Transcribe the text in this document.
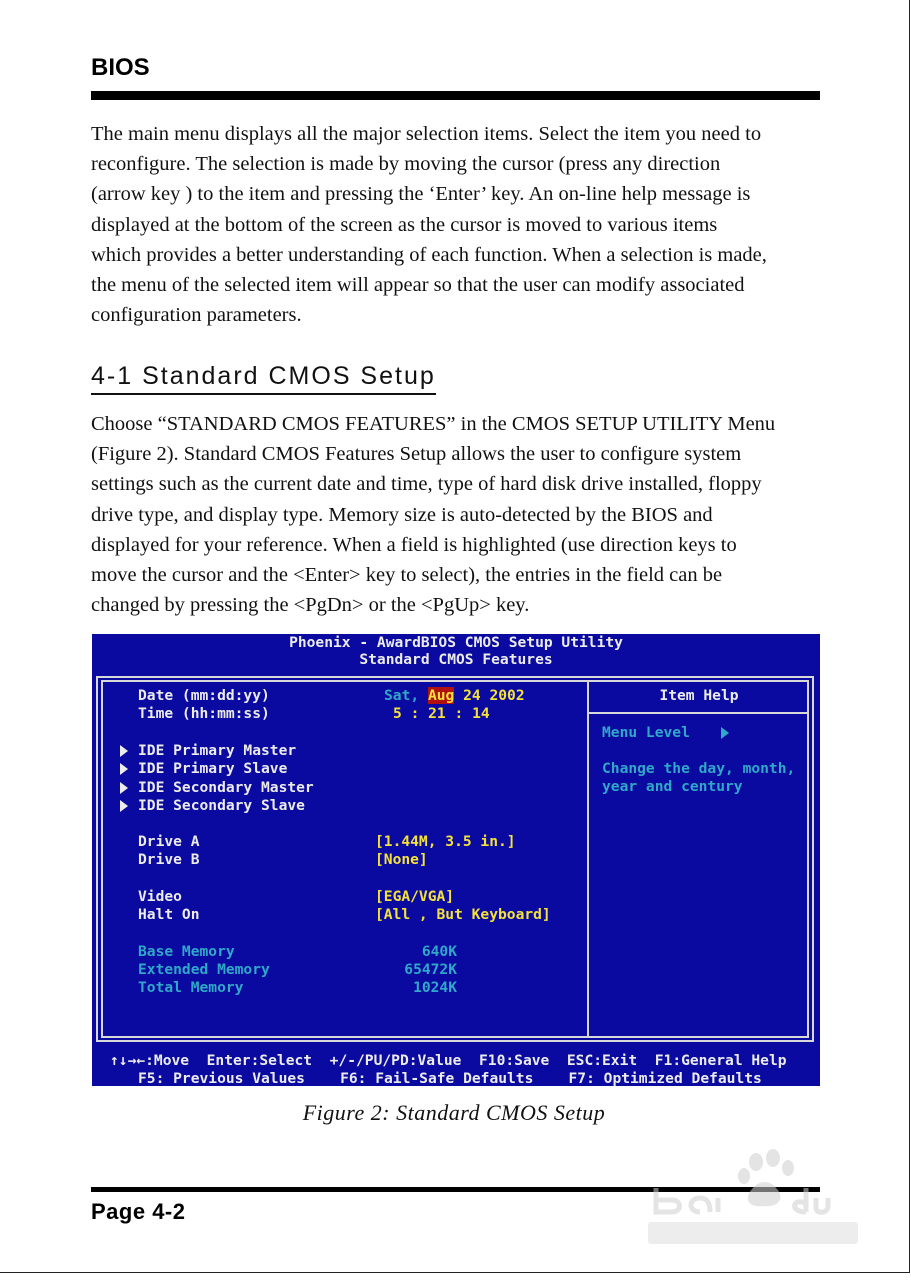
BIOS
The main menu displays all the major selection items. Select the item you need to
reconfigure. The selection is made by moving the cursor (press any direction
(arrow key ) to the item and pressing the ‘Enter’ key. An on-line help message is
displayed at the bottom of the screen as the cursor is moved to various items
which provides a better understanding of each function. When a selection is made,
the menu of the selected item will appear so that the user can modify associated
configuration parameters.
4-1 Standard CMOS Setup
Choose “STANDARD CMOS FEATURES” in the CMOS SETUP UTILITY Menu
(Figure 2). Standard CMOS Features Setup allows the user to configure system
settings such as the current date and time, type of hard disk drive installed, floppy
drive type, and display type. Memory size is auto-detected by the BIOS and
displayed for your reference. When a field is highlighted (use direction keys to
move the cursor and the <Enter> key to select), the entries in the field can be
changed by pressing the <PgDn> or the <PgUp> key.
Phoenix - AwardBIOS CMOS Setup Utility
Standard CMOS Features
Date (mm:dd:yy)	Sat, Aug 24 2002
Time (hh:mm:ss)	5 : 21 : 14
IDE Primary Master
IDE Primary Slave
IDE Secondary Master
IDE Secondary Slave
Drive A	[1.44M, 3.5 in.]
Drive B	[None]
Video	[EGA/VGA]
Halt On	[All , But Keyboard]
Base Memory	640K
Extended Memory	65472K
Total Memory	1024K
Item Help
Menu Level
Change the day, month,
year and century
↑↓→←:Move  Enter:Select  +/-/PU/PD:Value  F10:Save  ESC:Exit  F1:General Help
F5: Previous Values    F6: Fail-Safe Defaults    F7: Optimized Defaults
Figure 2: Standard CMOS Setup
Page 4-2
